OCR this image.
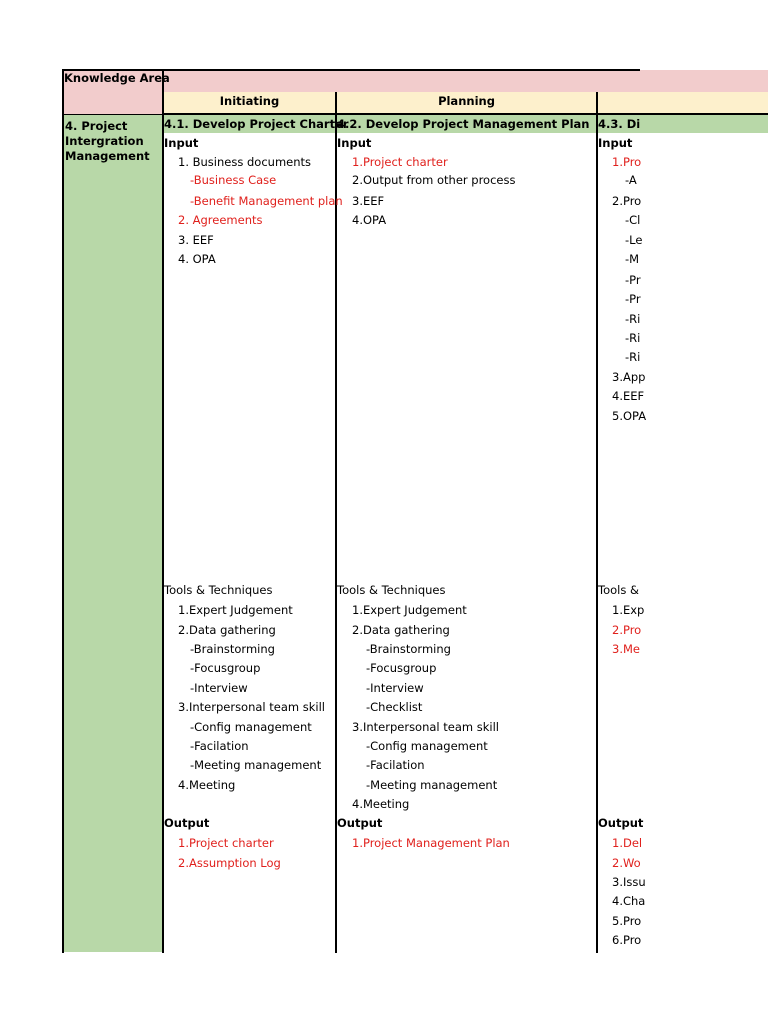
Knowledge Area
Initiating	Planning
4. Project
Intergration
Management
4.1. Develop Project Charter
Input
1. Business documents
-Business Case
-Benefit Management plan
2. Agreements
3. EEF
4. OPA
Tools & Techniques
1.Expert Judgement
2.Data gathering
-Brainstorming
-Focusgroup
-Interview
3.Interpersonal team skill
-Config management
-Facilation
-Meeting management
4.Meeting
Output
1.Project charter
2.Assumption Log
4.2. Develop Project Management Plan
Input
1.Project charter
2.Output from other process
3.EEF
4.OPA
Tools & Techniques
1.Expert Judgement
2.Data gathering
-Brainstorming
-Focusgroup
-Interview
-Checklist
3.Interpersonal team skill
-Config management
-Facilation
-Meeting management
4.Meeting
Output
1.Project Management Plan
4.3. Di
Input
1.Pro
-A
2.Pro
-Cl
-Le
-M
-Pr
-Pr
-Ri
-Ri
-Ri
3.App
4.EEF
5.OPA
Tools &
1.Exp
2.Pro
3.Me
Output
1.Del
2.Wo
3.Issu
4.Cha
5.Pro
6.Pro
